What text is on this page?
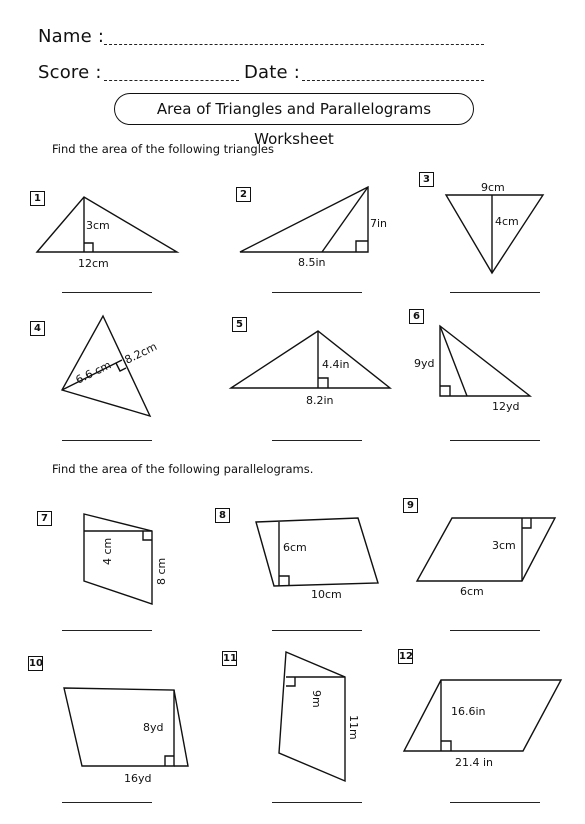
Name :
Score :	Date :
Area of Triangles and Parallelograms Worksheet
Find the area of the following triangles
Find the area of the following parallelograms.
1	2
3
4	5
6
7	8
9
10	11	12
3cm
12cm
7in
8.5in
9cm
4cm
6.6 cm
8.2cm	4.4in
8.2in
9yd
12yd
4 cm
8 cm
6cm
10cm
3cm
6cm
8yd
16yd
9m
11m
16.6in
21.4 in
